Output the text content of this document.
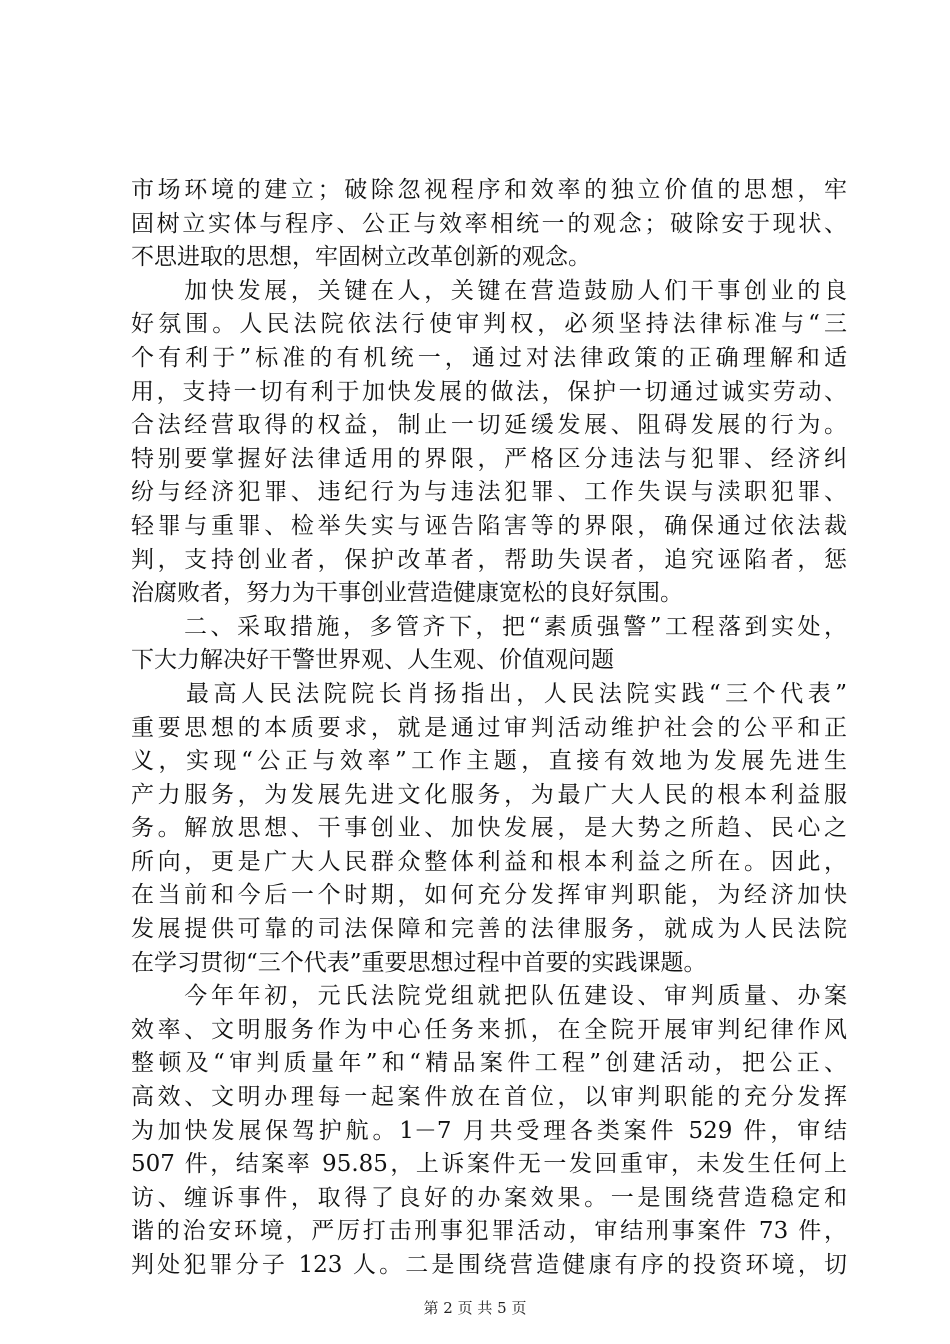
市场环境的建立；破除忽视程序和效率的独立价值的思想，牢
固树立实体与程序、公正与效率相统一的观念；破除安于现状、
不思进取的思想，牢固树立改革创新的观念。
　　加快发展，关键在人，关键在营造鼓励人们干事创业的良
好氛围。人民法院依法行使审判权，必须坚持法律标准与“三
个有利于”标准的有机统一，通过对法律政策的正确理解和适
用，支持一切有利于加快发展的做法，保护一切通过诚实劳动、
合法经营取得的权益，制止一切延缓发展、阻碍发展的行为。
特别要掌握好法律适用的界限，严格区分违法与犯罪、经济纠
纷与经济犯罪、违纪行为与违法犯罪、工作失误与渎职犯罪、
轻罪与重罪、检举失实与诬告陷害等的界限，确保通过依法裁
判，支持创业者，保护改革者，帮助失误者，追究诬陷者，惩
治腐败者，努力为干事创业营造健康宽松的良好氛围。
　　二、采取措施，多管齐下，把“素质强警”工程落到实处，
下大力解决好干警世界观、人生观、价值观问题
　　最高人民法院院长肖扬指出，人民法院实践“三个代表”
重要思想的本质要求，就是通过审判活动维护社会的公平和正
义，实现“公正与效率”工作主题，直接有效地为发展先进生
产力服务，为发展先进文化服务，为最广大人民的根本利益服
务。解放思想、干事创业、加快发展，是大势之所趋、民心之
所向，更是广大人民群众整体利益和根本利益之所在。因此，
在当前和今后一个时期，如何充分发挥审判职能，为经济加快
发展提供可靠的司法保障和完善的法律服务，就成为人民法院
在学习贯彻“三个代表”重要思想过程中首要的实践课题。
　　今年年初，元氏法院党组就把队伍建设、审判质量、办案
效率、文明服务作为中心任务来抓，在全院开展审判纪律作风
整顿及“审判质量年”和“精品案件工程”创建活动，把公正、
高效、文明办理每一起案件放在首位，以审判职能的充分发挥
为加快发展保驾护航。1－7 月共受理各类案件 529 件，审结
507 件，结案率 95.85，上诉案件无一发回重审，未发生任何上
访、缠诉事件，取得了良好的办案效果。一是围绕营造稳定和
谐的治安环境，严厉打击刑事犯罪活动，审结刑事案件 73 件，
判处犯罪分子 123 人。二是围绕营造健康有序的投资环境，切
第 2 页 共 5 页
